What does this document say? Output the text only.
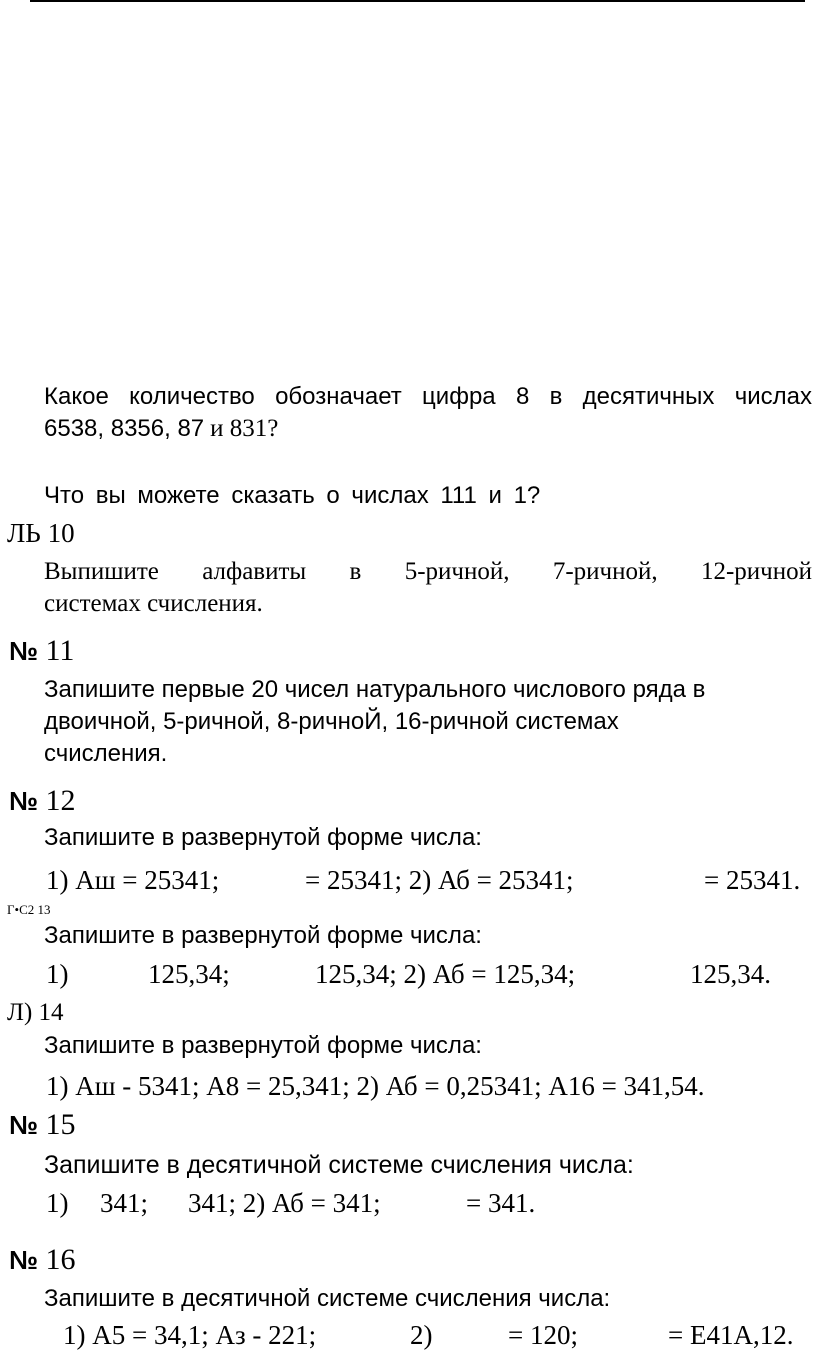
Какое количество обозначает цифра 8 в десятичных числах
6538, 8356, 87 и 831?
Что вы можете сказать о числах 111 и 1?
ЛЬ 10
Выпишите алфавиты в 5-ричной, 7-ричной, 12-ричной
системах счисления.
№ 11
Запишите первые 20 чисел натурального числового ряда в
двоичной, 5-ричной, 8-ричноЙ, 16-ричной системах
счисления.
№ 12
Запишите в развернутой форме числа:
1) Аш = 25341;	= 25341; 2) Аб = 25341;	= 25341.
Г•С2 13
Запишите в развернутой форме числа:
1)	125,34;	125,34; 2) Аб = 125,34;	125,34.
Л) 14
Запишите в развернутой форме числа:
1) Аш - 5341; А8 = 25,341; 2) Аб = 0,25341; А16 = 341,54.
№ 15
Запишите в десятичной системе счисления числа:
1) 341; 341; 2) Аб = 341;	= 341.
№ 16
Запишите в десятичной системе счисления числа:
1) А5 = 34,1; Аз - 221;	2)	= 120;	= Е41А,12.
